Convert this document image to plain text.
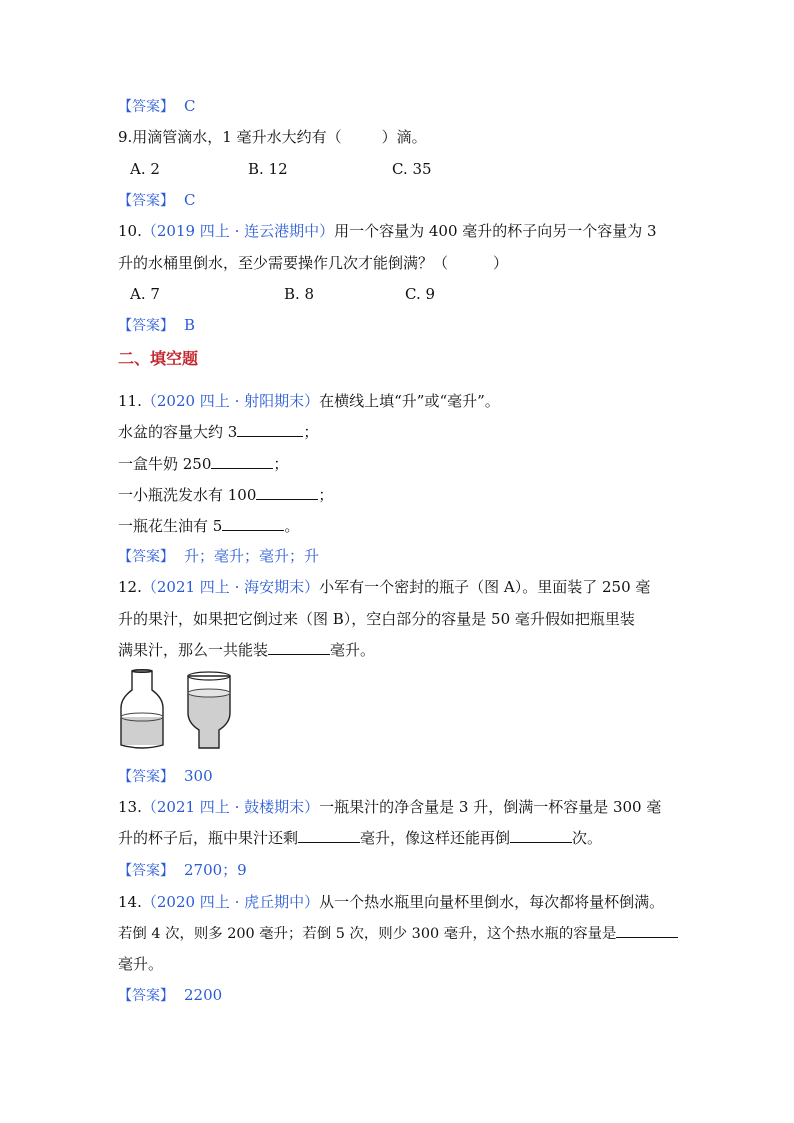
【答案】 C
9.用滴管滴水，1 毫升水大约有（	）滴。
A. 2	B. 12	C. 35
【答案】 C
10.（2019 四上 · 连云港期中）用一个容量为 400 毫升的杯子向另一个容量为 3
升的水桶里倒水，至少需要操作几次才能倒满？（　　　）
A. 7	B. 8	C. 9
【答案】 B
二、填空题
11.（2020 四上 · 射阳期末）在横线上填“升”或“毫升”。
水盆的容量大约 3	；
一盒牛奶 250	；
一小瓶洗发水有 100	；
一瓶花生油有 5	。
【答案】 升；毫升；毫升；升
12.（2021 四上 · 海安期末）小军有一个密封的瓶子（图 A）。里面装了 250 毫
升的果汁，如果把它倒过来（图 B），空白部分的容量是 50 毫升假如把瓶里装
满果汁，那么一共能装	毫升。
【答案】 300
13.（2021 四上 · 鼓楼期末）一瓶果汁的净含量是 3 升，倒满一杯容量是 300 毫
升的杯子后，瓶中果汁还剩	毫升，像这样还能再倒	次。
【答案】 2700；9
14.（2020 四上 · 虎丘期中）从一个热水瓶里向量杯里倒水，每次都将量杯倒满。
若倒 4 次，则多 200 毫升；若倒 5 次，则少 300 毫升，这个热水瓶的容量是
毫升。
【答案】 2200
